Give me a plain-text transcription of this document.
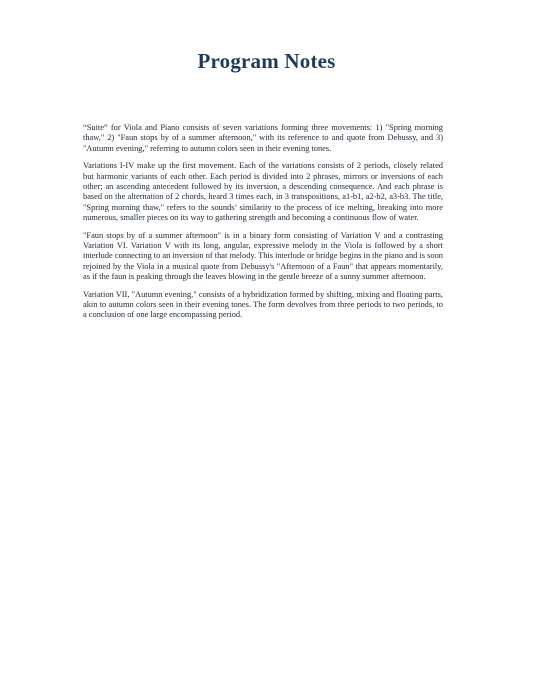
Program Notes

“Suite” for Viola and Piano consists of seven variations forming three movements: 1) "Spring morning thaw," 2) "Faun stops by of a summer afternoon," with its reference to and quote from Debussy, and 3) "Autumn evening," referring to autumn colors seen in their evening tones.

Variations I-IV make up the first movement. Each of the variations consists of 2 periods, closely related but harmonic variants of each other. Each period is divided into 2 phrases, mirrors or inversions of each other; an ascending antecedent followed by its inversion, a descending consequence. And each phrase is based on the alternation of 2 chords, heard 3 times each, in 3 transpositions, a1-b1, a2-b2, a3-b3. The title, "Spring morning thaw," refers to the sounds’ similarity to the process of ice melting, breaking into more numerous, smaller pieces on its way to gathering strength and becoming a continuous flow of water.

"Faun stops by of a summer afternoon" is in a binary form consisting of Variation V and a contrasting Variation VI. Variation V with its long, angular, expressive melody in the Viola is followed by a short interlude connecting to an inversion of that melody. This interlude or bridge begins in the piano and is soon rejoined by the Viola in a musical quote from Debussy's "Afternoon of a Faun" that appears momentarily, as if the faun is peaking through the leaves blowing in the gentle breeze of a sunny summer afternoon.

Variation VII, "Autumn evening," consists of a hybridization formed by shifting, mixing and floating parts, akin to autumn colors seen in their evening tones. The form devolves from three periods to two periods, to a conclusion of one large encompassing period.
